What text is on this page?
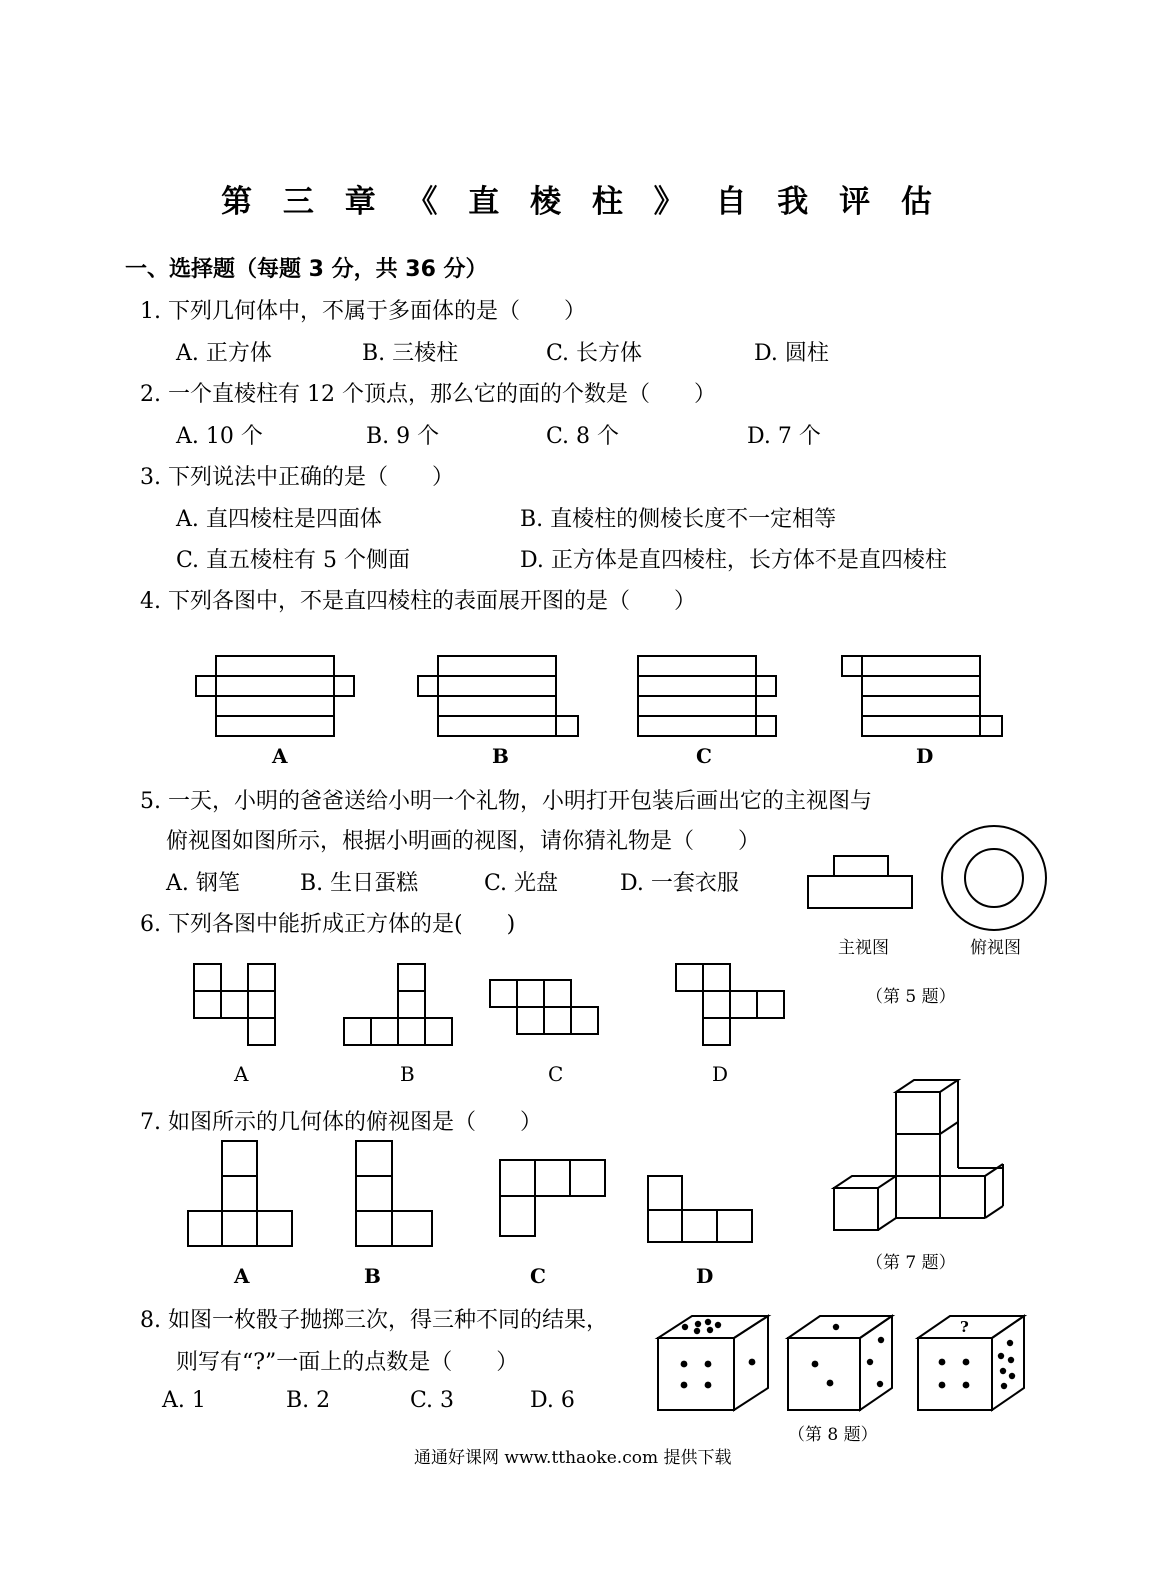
第 三 章 《 直 棱 柱 》 自 我 评 估
一、选择题（每题 3 分，共 36 分）
1. 下列几何体中，不属于多面体的是（　　）
A. 正方体	B. 三棱柱	C. 长方体	D. 圆柱
2. 一个直棱柱有 12 个顶点，那么它的面的个数是（　　）
A. 10 个	B. 9 个	C. 8 个	D. 7 个
3. 下列说法中正确的是（　　）
A. 直四棱柱是四面体	B. 直棱柱的侧棱长度不一定相等
C. 直五棱柱有 5 个侧面	D. 正方体是直四棱柱，长方体不是直四棱柱
4. 下列各图中，不是直四棱柱的表面展开图的是（　　）
A	B	C	D
5. 一天，小明的爸爸送给小明一个礼物，小明打开包装后画出它的主视图与
俯视图如图所示，根据小明画的视图，请你猜礼物是（　　）
A. 钢笔	B. 生日蛋糕	C. 光盘	D. 一套衣服
主视图	俯视图
（第 5 题）
6. 下列各图中能折成正方体的是(　　)
A	B	C	D
7. 如图所示的几何体的俯视图是（　　）
A	B	C	D
（第 7 题）
8. 如图一枚骰子抛掷三次，得三种不同的结果，
则写有“?”一面上的点数是（　　）
A. 1	B. 2	C. 3	D. 6
?
（第 8 题）
通通好课网 www.tthaoke.com 提供下载
